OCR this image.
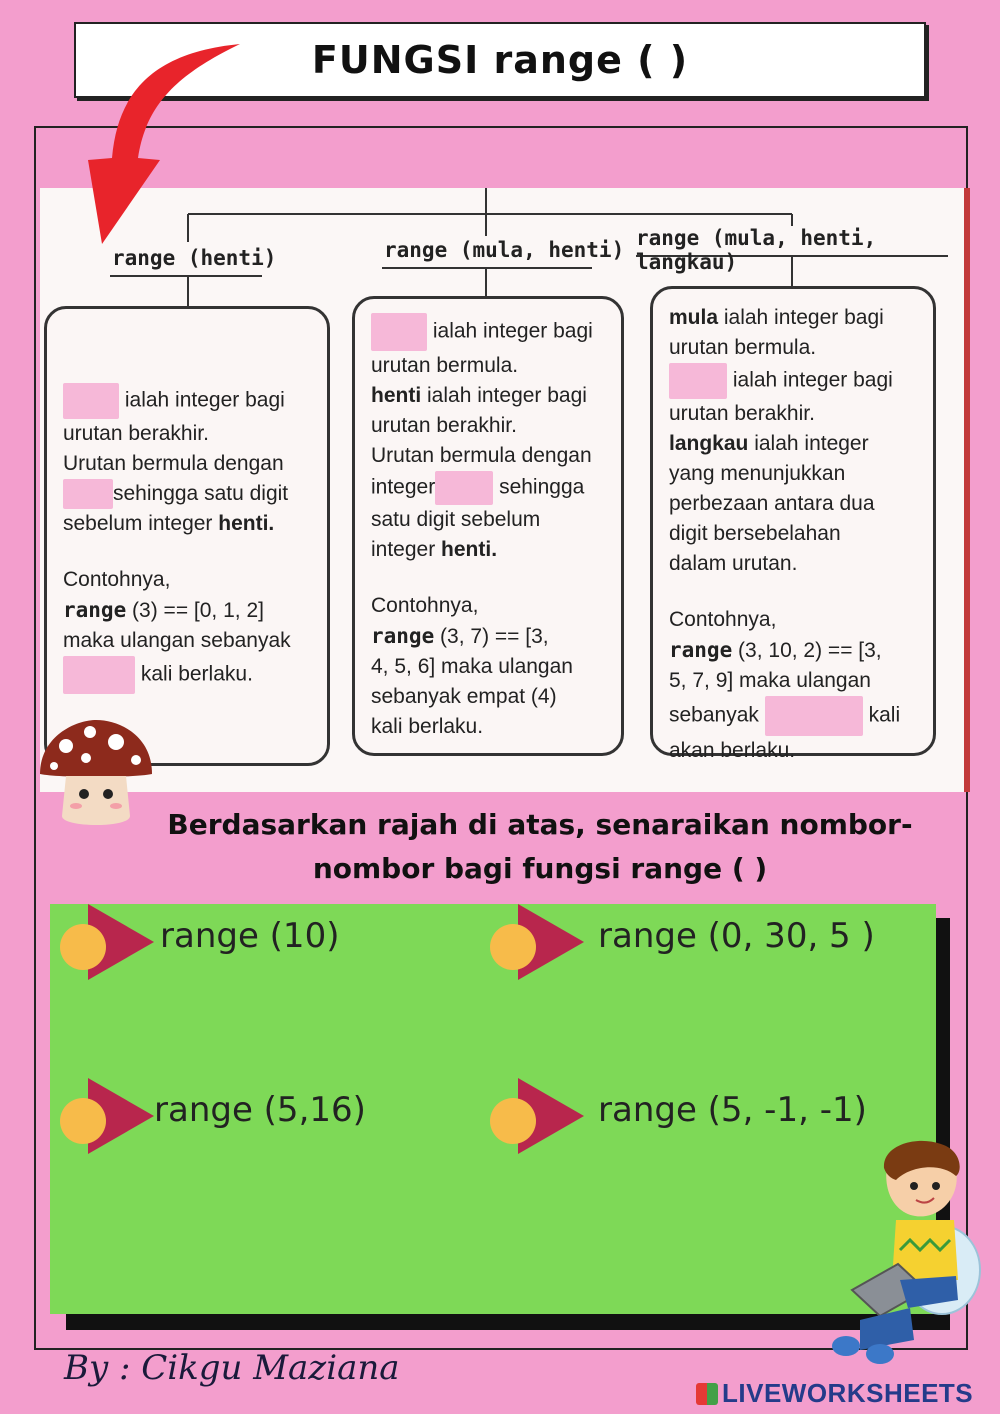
FUNGSI range ( )
range (henti)	range (mula, henti) range (mula, henti, langkau)

ialah integer bagi

urutan berakhir.

Urutan bermula dengan

sehingga satu digit

sebelum integer henti.

Contohnya,

range (3) == [0, 1, 2]

maka ulangan sebanyak

kali berlaku.

ialah integer bagi

urutan bermula.

henti ialah integer bagi

urutan berakhir.

Urutan bermula dengan

integer	sehingga

satu digit sebelum

integer henti.

Contohnya,

range (3, 7) == [3,

4, 5, 6] maka ulangan

sebanyak empat (4)

kali berlaku.

mula ialah integer bagi

urutan bermula.

ialah integer bagi

urutan berakhir.

langkau ialah integer

yang menunjukkan

perbezaan antara dua

digit bersebelahan

dalam urutan.

Contohnya,

range (3, 10, 2) == [3,

5, 7, 9] maka ulangan

sebanyak	kali

akan berlaku.

Berdasarkan rajah di atas, senaraikan nombor-
nombor bagi fungsi range ( )
range (10)	range (0, 30, 5 )
range (5,16)	range (5, -1, -1)
By : Cikgu Maziana
LIVEWORKSHEETS
